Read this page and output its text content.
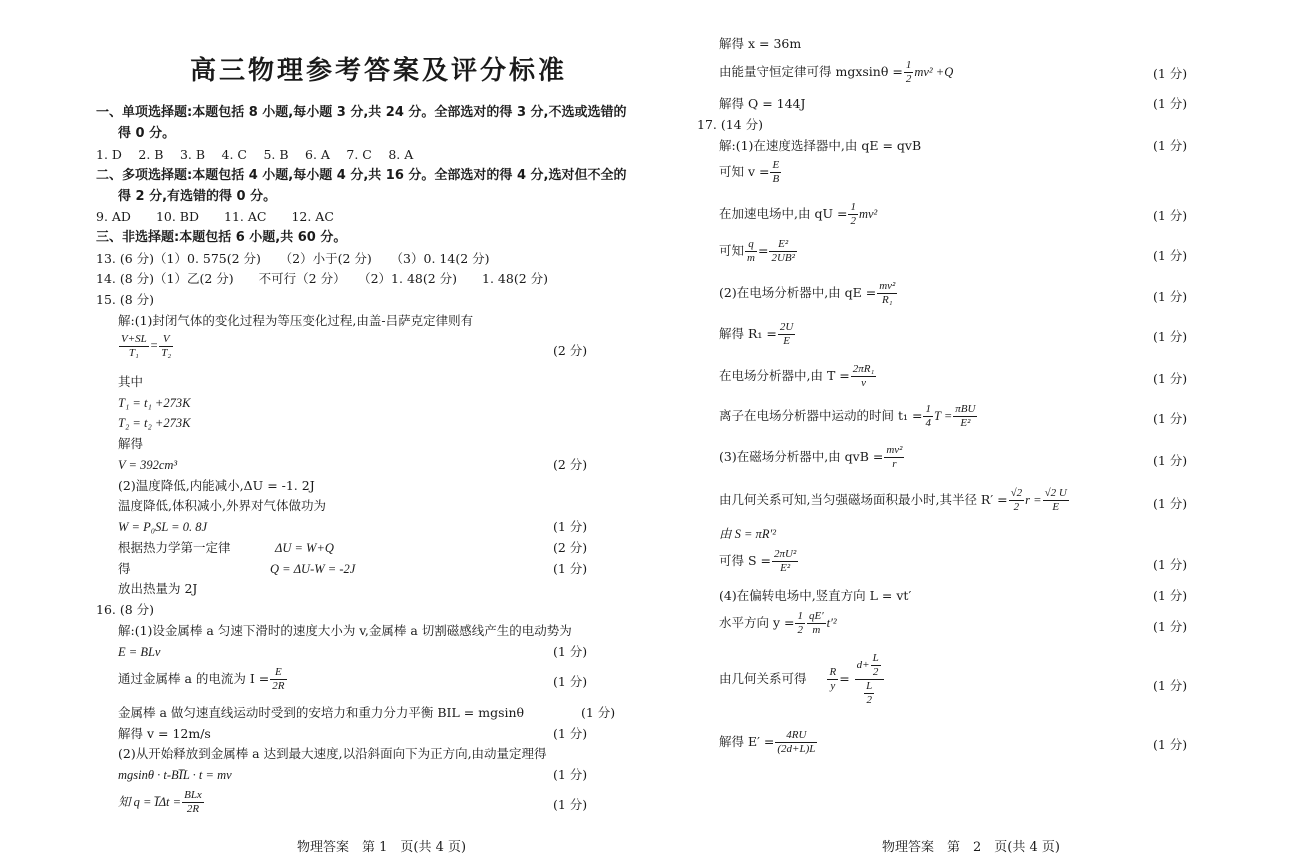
高三物理参考答案及评分标准
一、单项选择题:本题包括 8 小题,每小题 3 分,共 24 分。全部选对的得 3 分,不选或选错的
得 0 分。
1. D　 2. B　 3. B　 4. C　 5. B　 6. A　 7. C　 8. A
二、多项选择题:本题包括 4 小题,每小题 4 分,共 16 分。全部选对的得 4 分,选对但不全的
得 2 分,有选错的得 0 分。
9. AD　　10. BD　　11. AC　　12. AC
三、非选择题:本题包括 6 小题,共 60 分。
13. (6 分)（1）0. 575(2 分)　　（2）小于(2 分)　　（3）0. 14(2 分)
14. (8 分)（1）乙(2 分)　　不可行（2 分）　　（2）1. 48(2 分)　　1. 48(2 分)
15. (8 分)
解:(1)封闭气体的变化过程为等压变化过程,由盖-吕萨克定律则有
$\frac{V+SL}{\text{T₁}} = \frac{V}{\text{T₂}}$	(2 分)
其中
T₁ = t₁ +273K
T₂ = t₂ +273K
解得
V = 392cm³	(2 分)
(2)温度降低,内能减小,ΔU = -1. 2J
温度降低,体积减小,外界对气体做功为
W = P₀SL = 0. 8J	(1 分)
根据热力学第一定律	ΔU = W+Q	(2 分)
得	Q = ΔU-W = -2J	(1 分)
放出热量为 2J
16. (8 分)
解:(1)设金属棒 a 匀速下滑时的速度大小为 v,金属棒 a 切割磁感线产生的电动势为
E = BLv	(1 分)
通过金属棒 a 的电流为 $I = \frac{E}{2R}$	(1 分)
金属棒 a 做匀速直线运动时受到的安培力和重力分力平衡 BIL = mgsinθ	(1 分)
解得 v = 12m/s	(1 分)
(2)从开始释放到金属棒 a 达到最大速度,以沿斜面向下为正方向,由动量定理得
mgsinθ · t-BI̅L · t = mv	(1 分)
知 q = I̅Δt = $\frac{\text{BLx}}{2R}$	(1 分)
物理答案　第 1　页(共 4 页)
解得 x = 36m
由能量守恒定律可得 $mgxsin\theta = \frac{1}{2} mv^2 +Q$	(1 分)
解得 Q = 144J	(1 分)
17. (14 分)
解:(1)在速度选择器中,由 qE = qvB	(1 分)
可知 $v = \frac{E}{B}$
在加速电场中,由 qU = $\frac{1}{2} mv^2$	(1 分)
可知 $\frac{q}{m} = \frac{\text{E²}}{\text{2UB²}}$	(1 分)
(2)在电场分析器中,由 qE = $\frac{\text{mv²}}{\text{R₁}}$	(1 分)
解得 $R_1 = \frac{2U}{E}$	(1 分)
在电场分析器中,由 $T = \frac{\text{2πR₁}}{v}$	(1 分)
离子在电场分析器中运动的时间 $t_1 = \frac{1}{4}$ $T = \frac{\text{πBU}}{\text{E²}}$	(1 分)
(3)在磁场分析器中,由 qvB = $\frac{\text{mv²}}{r}$	(1 分)
由几何关系可知,当匀强磁场面积最小时,其半径 $R' = \frac{√2}{2}$ $r = \frac{√2 U}{E}$	(1 分)
由 S = πR′²
可得 $S = \frac{\text{2πU²}}{\text{E²}}$	(1 分)
(4)在偏转电场中,竖直方向 L = vt′	(1 分)
水平方向 $y = \frac{1}{2} \frac{qE'}{m} t'^2$	(1 分)
由几何关系可得 $\frac{R}{y} = \frac{d+ \frac{L}{2}}{\frac{L}{2}}$	(1 分)
解得 $E' = \frac{4RU}{(2d+L)L}$	(1 分)
物理答案　第　2　页(共 4 页)
